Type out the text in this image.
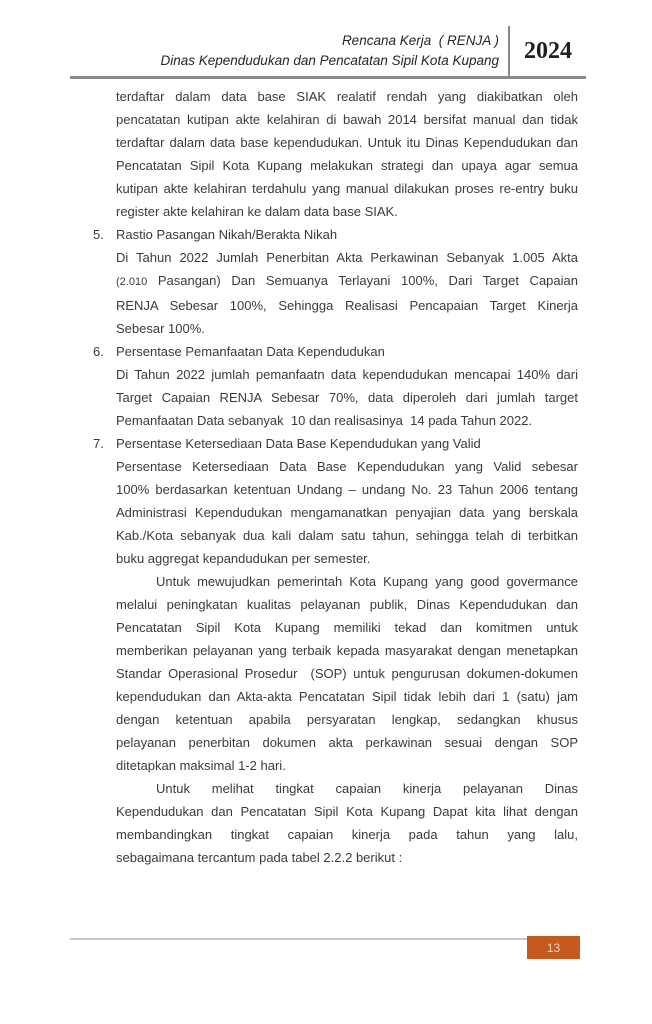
Rencana Kerja  ( RENJA )
Dinas Kependudukan dan Pencatatan Sipil Kota Kupang	2024
terdaftar dalam data base SIAK realatif rendah yang diakibatkan oleh
pencatatan kutipan akte kelahiran di bawah 2014 bersifat manual dan tidak
terdaftar dalam data base kependudukan. Untuk itu Dinas Kependudukan dan
Pencatatan Sipil Kota Kupang melakukan strategi dan upaya agar semua
kutipan akte kelahiran terdahulu yang manual dilakukan proses re-entry buku
register akte kelahiran ke dalam data base SIAK.
5. Rastio Pasangan Nikah/Berakta Nikah
Di Tahun 2022 Jumlah Penerbitan Akta Perkawinan Sebanyak 1.005 Akta
(2.010 Pasangan) Dan Semuanya Terlayani 100%, Dari Target Capaian
RENJA Sebesar 100%, Sehingga Realisasi Pencapaian Target Kinerja
Sebesar 100%.
6. Persentase Pemanfaatan Data Kependudukan
Di Tahun 2022 jumlah pemanfaatn data kependudukan mencapai 140% dari
Target Capaian RENJA Sebesar 70%, data diperoleh dari jumlah target
Pemanfaatan Data sebanyak  10 dan realisasinya  14 pada Tahun 2022.
7. Persentase Ketersediaan Data Base Kependudukan yang Valid
Persentase Ketersediaan Data Base Kependudukan yang Valid sebesar
100% berdasarkan ketentuan Undang – undang No. 23 Tahun 2006 tentang
Administrasi Kependudukan mengamanatkan penyajian data yang berskala
Kab./Kota sebanyak dua kali dalam satu tahun, sehingga telah di terbitkan
buku aggregat kepandudukan per semester.
Untuk mewujudkan pemerintah Kota Kupang yang good govermance
melalui peningkatan kualitas pelayanan publik, Dinas Kependudukan dan
Pencatatan Sipil Kota Kupang memiliki tekad dan komitmen untuk
memberikan pelayanan yang terbaik kepada masyarakat dengan menetapkan
Standar Operasional Prosedur  (SOP) untuk pengurusan dokumen-dokumen
kependudukan dan Akta-akta Pencatatan Sipil tidak lebih dari 1 (satu) jam
dengan ketentuan apabila persyaratan lengkap, sedangkan khusus
pelayanan penerbitan dokumen akta perkawinan sesuai dengan SOP
ditetapkan maksimal 1-2 hari.
Untuk melihat tingkat capaian kinerja pelayanan Dinas
Kependudukan dan Pencatatan Sipil Kota Kupang Dapat kita lihat dengan
membandingkan tingkat capaian kinerja pada tahun yang lalu,
sebagaimana tercantum pada tabel 2.2.2 berikut :
13
